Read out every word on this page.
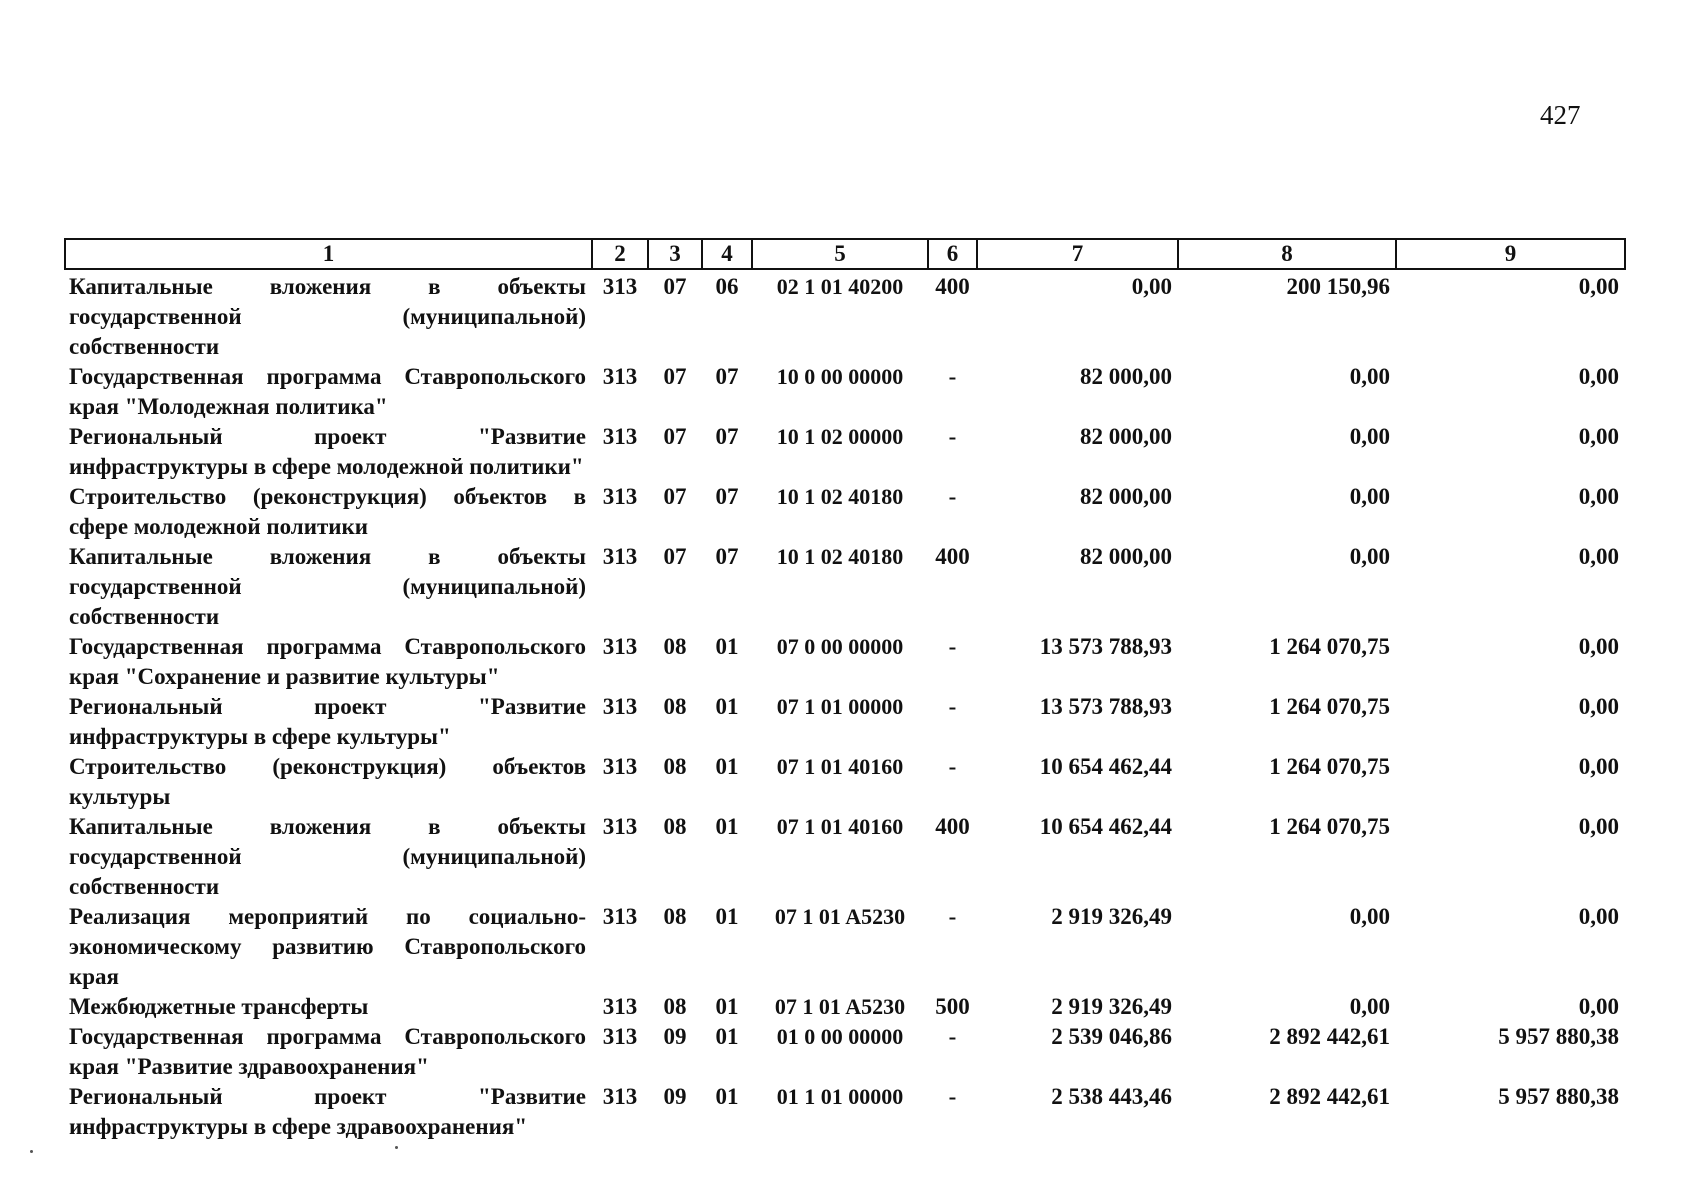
427
1	2	3	4	5	6	7	8	9
Капитальные вложения в объекты государственной (муниципальной) собственности	313	07	06	02 1 01 40200	400	0,00	200 150,96	0,00
Государственная программа Ставропольского края "Молодежная политика"	313	07	07	10 0 00 00000	-	82 000,00	0,00	0,00
Региональный проект "Развитие инфраструктуры в сфере молодежной политики"	313	07	07	10 1 02 00000	-	82 000,00	0,00	0,00
Строительство (реконструкция) объектов в сфере молодежной политики	313	07	07	10 1 02 40180	-	82 000,00	0,00	0,00
Капитальные вложения в объекты государственной (муниципальной) собственности	313	07	07	10 1 02 40180	400	82 000,00	0,00	0,00
Государственная программа Ставропольского края "Сохранение и развитие культуры"	313	08	01	07 0 00 00000	-	13 573 788,93	1 264 070,75	0,00
Региональный проект "Развитие инфраструктуры в сфере культуры"	313	08	01	07 1 01 00000	-	13 573 788,93	1 264 070,75	0,00
Строительство (реконструкция) объектов культуры	313	08	01	07 1 01 40160	-	10 654 462,44	1 264 070,75	0,00
Капитальные вложения в объекты государственной (муниципальной) собственности	313	08	01	07 1 01 40160	400	10 654 462,44	1 264 070,75	0,00
Реализация мероприятий по социально-экономическому развитию Ставропольского края	313	08	01	07 1 01 A5230	-	2 919 326,49	0,00	0,00
Межбюджетные трансферты	313	08	01	07 1 01 A5230	500	2 919 326,49	0,00	0,00
Государственная программа Ставропольского края "Развитие здравоохранения"	313	09	01	01 0 00 00000	-	2 539 046,86	2 892 442,61	5 957 880,38
Региональный проект "Развитие инфраструктуры в сфере здравоохранения"	313	09	01	01 1 01 00000	-	2 538 443,46	2 892 442,61	5 957 880,38
